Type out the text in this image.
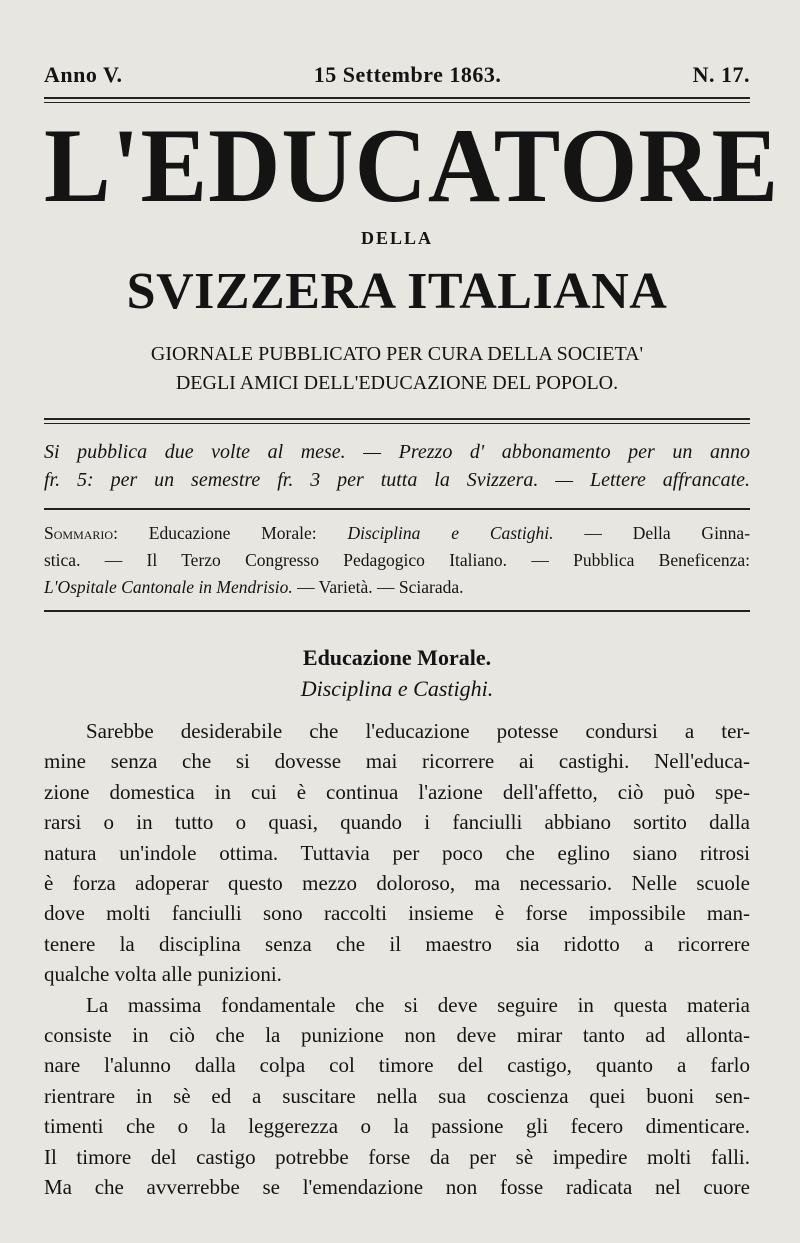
Anno V.	15 Settembre 1863.	N. 17.
L'EDUCATORE
DELLA
SVIZZERA ITALIANA
GIORNALE PUBBLICATO PER CURA DELLA SOCIETA'
DEGLI AMICI DELL'EDUCAZIONE DEL POPOLO.
Si pubblica due volte al mese. — Prezzo d' abbonamento per un anno
fr. 5: per un semestre fr. 3 per tutta la Svizzera. — Lettere affrancate.
Sommario: Educazione Morale: Disciplina e Castighi. — Della Ginna-
stica. — Il Terzo Congresso Pedagogico Italiano. — Pubblica Beneficenza:
L'Ospitale Cantonale in Mendrisio. — Varietà. — Sciarada.
Educazione Morale.
Disciplina e Castighi.
Sarebbe desiderabile che l'educazione potesse condursi a ter-
mine senza che si dovesse mai ricorrere ai castighi. Nell'educa-
zione domestica in cui è continua l'azione dell'affetto, ciò può spe-
rarsi o in tutto o quasi, quando i fanciulli abbiano sortito dalla
natura un'indole ottima. Tuttavia per poco che eglino siano ritrosi
è forza adoperar questo mezzo doloroso, ma necessario. Nelle scuole
dove molti fanciulli sono raccolti insieme è forse impossibile man-
tenere la disciplina senza che il maestro sia ridotto a ricorrere
qualche volta alle punizioni.
La massima fondamentale che si deve seguire in questa materia
consiste in ciò che la punizione non deve mirar tanto ad allonta-
nare l'alunno dalla colpa col timore del castigo, quanto a farlo
rientrare in sè ed a suscitare nella sua coscienza quei buoni sen-
timenti che o la leggerezza o la passione gli fecero dimenticare.
Il timore del castigo potrebbe forse da per sè impedire molti falli.
Ma che avverrebbe se l'emendazione non fosse radicata nel cuore
